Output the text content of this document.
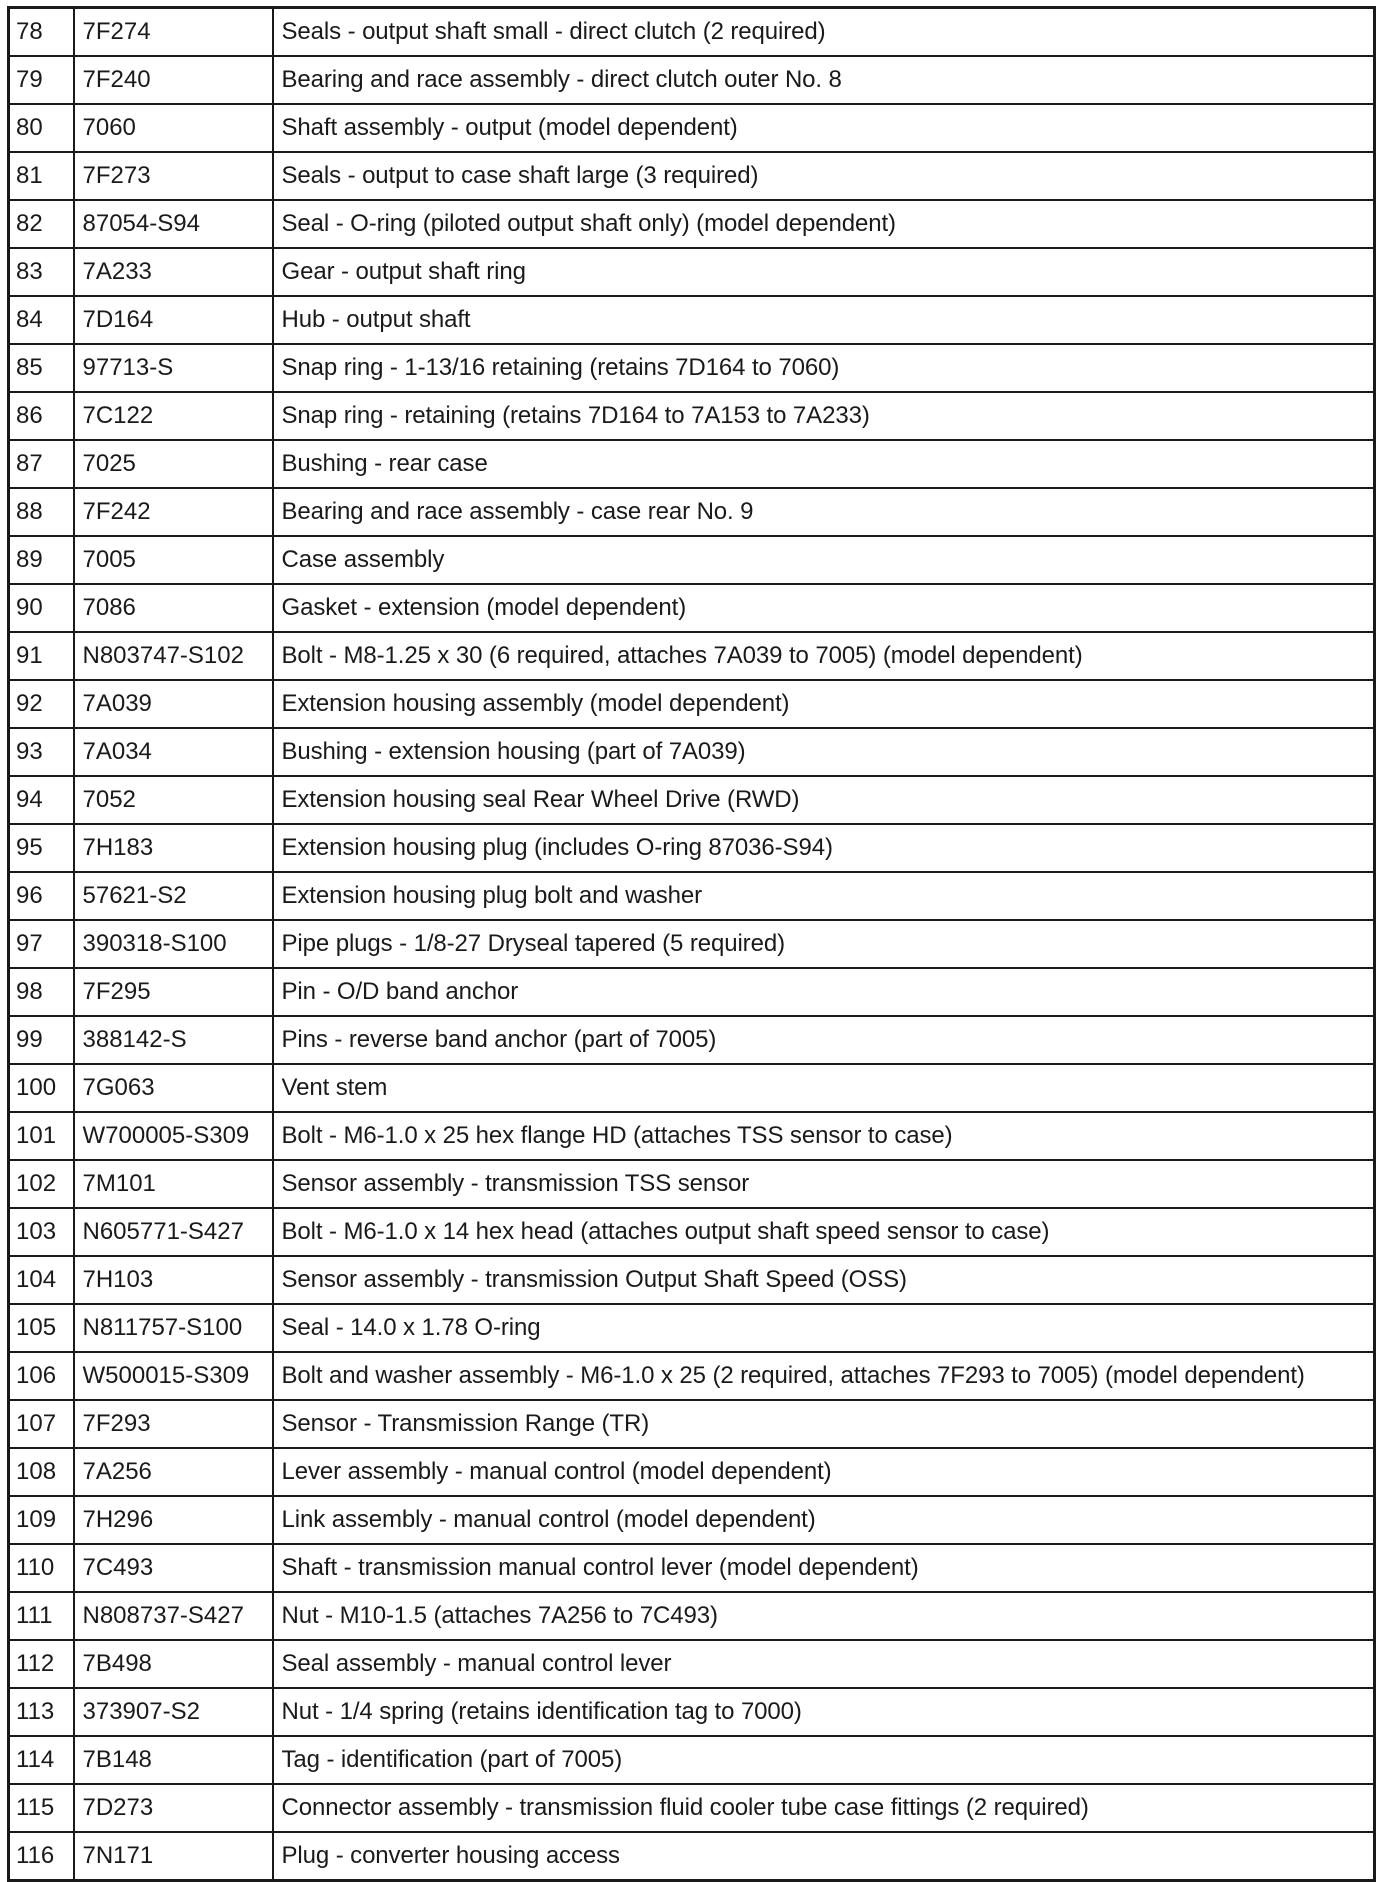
78	7F274	Seals - output shaft small - direct clutch (2 required)
79	7F240	Bearing and race assembly - direct clutch outer No. 8
80	7060	Shaft assembly - output (model dependent)
81	7F273	Seals - output to case shaft large (3 required)
82	87054-S94	Seal - O-ring (piloted output shaft only) (model dependent)
83	7A233	Gear - output shaft ring
84	7D164	Hub - output shaft
85	97713-S	Snap ring - 1-13/16 retaining (retains 7D164 to 7060)
86	7C122	Snap ring - retaining (retains 7D164 to 7A153 to 7A233)
87	7025	Bushing - rear case
88	7F242	Bearing and race assembly - case rear No. 9
89	7005	Case assembly
90	7086	Gasket - extension (model dependent)
91	N803747-S102	Bolt - M8-1.25 x 30 (6 required, attaches 7A039 to 7005) (model dependent)
92	7A039	Extension housing assembly (model dependent)
93	7A034	Bushing - extension housing (part of 7A039)
94	7052	Extension housing seal Rear Wheel Drive (RWD)
95	7H183	Extension housing plug (includes O-ring 87036-S94)
96	57621-S2	Extension housing plug bolt and washer
97	390318-S100	Pipe plugs - 1/8-27 Dryseal tapered (5 required)
98	7F295	Pin - O/D band anchor
99	388142-S	Pins - reverse band anchor (part of 7005)
100	7G063	Vent stem
101	W700005-S309	Bolt - M6-1.0 x 25 hex flange HD (attaches TSS sensor to case)
102	7M101	Sensor assembly - transmission TSS sensor
103	N605771-S427	Bolt - M6-1.0 x 14 hex head (attaches output shaft speed sensor to case)
104	7H103	Sensor assembly - transmission Output Shaft Speed (OSS)
105	N811757-S100	Seal - 14.0 x 1.78 O-ring
106	W500015-S309	Bolt and washer assembly - M6-1.0 x 25 (2 required, attaches 7F293 to 7005) (model dependent)
107	7F293	Sensor - Transmission Range (TR)
108	7A256	Lever assembly - manual control (model dependent)
109	7H296	Link assembly - manual control (model dependent)
110	7C493	Shaft - transmission manual control lever (model dependent)
111	N808737-S427	Nut - M10-1.5 (attaches 7A256 to 7C493)
112	7B498	Seal assembly - manual control lever
113	373907-S2	Nut - 1/4 spring (retains identification tag to 7000)
114	7B148	Tag - identification (part of 7005)
115	7D273	Connector assembly - transmission fluid cooler tube case fittings (2 required)
116	7N171	Plug - converter housing access
